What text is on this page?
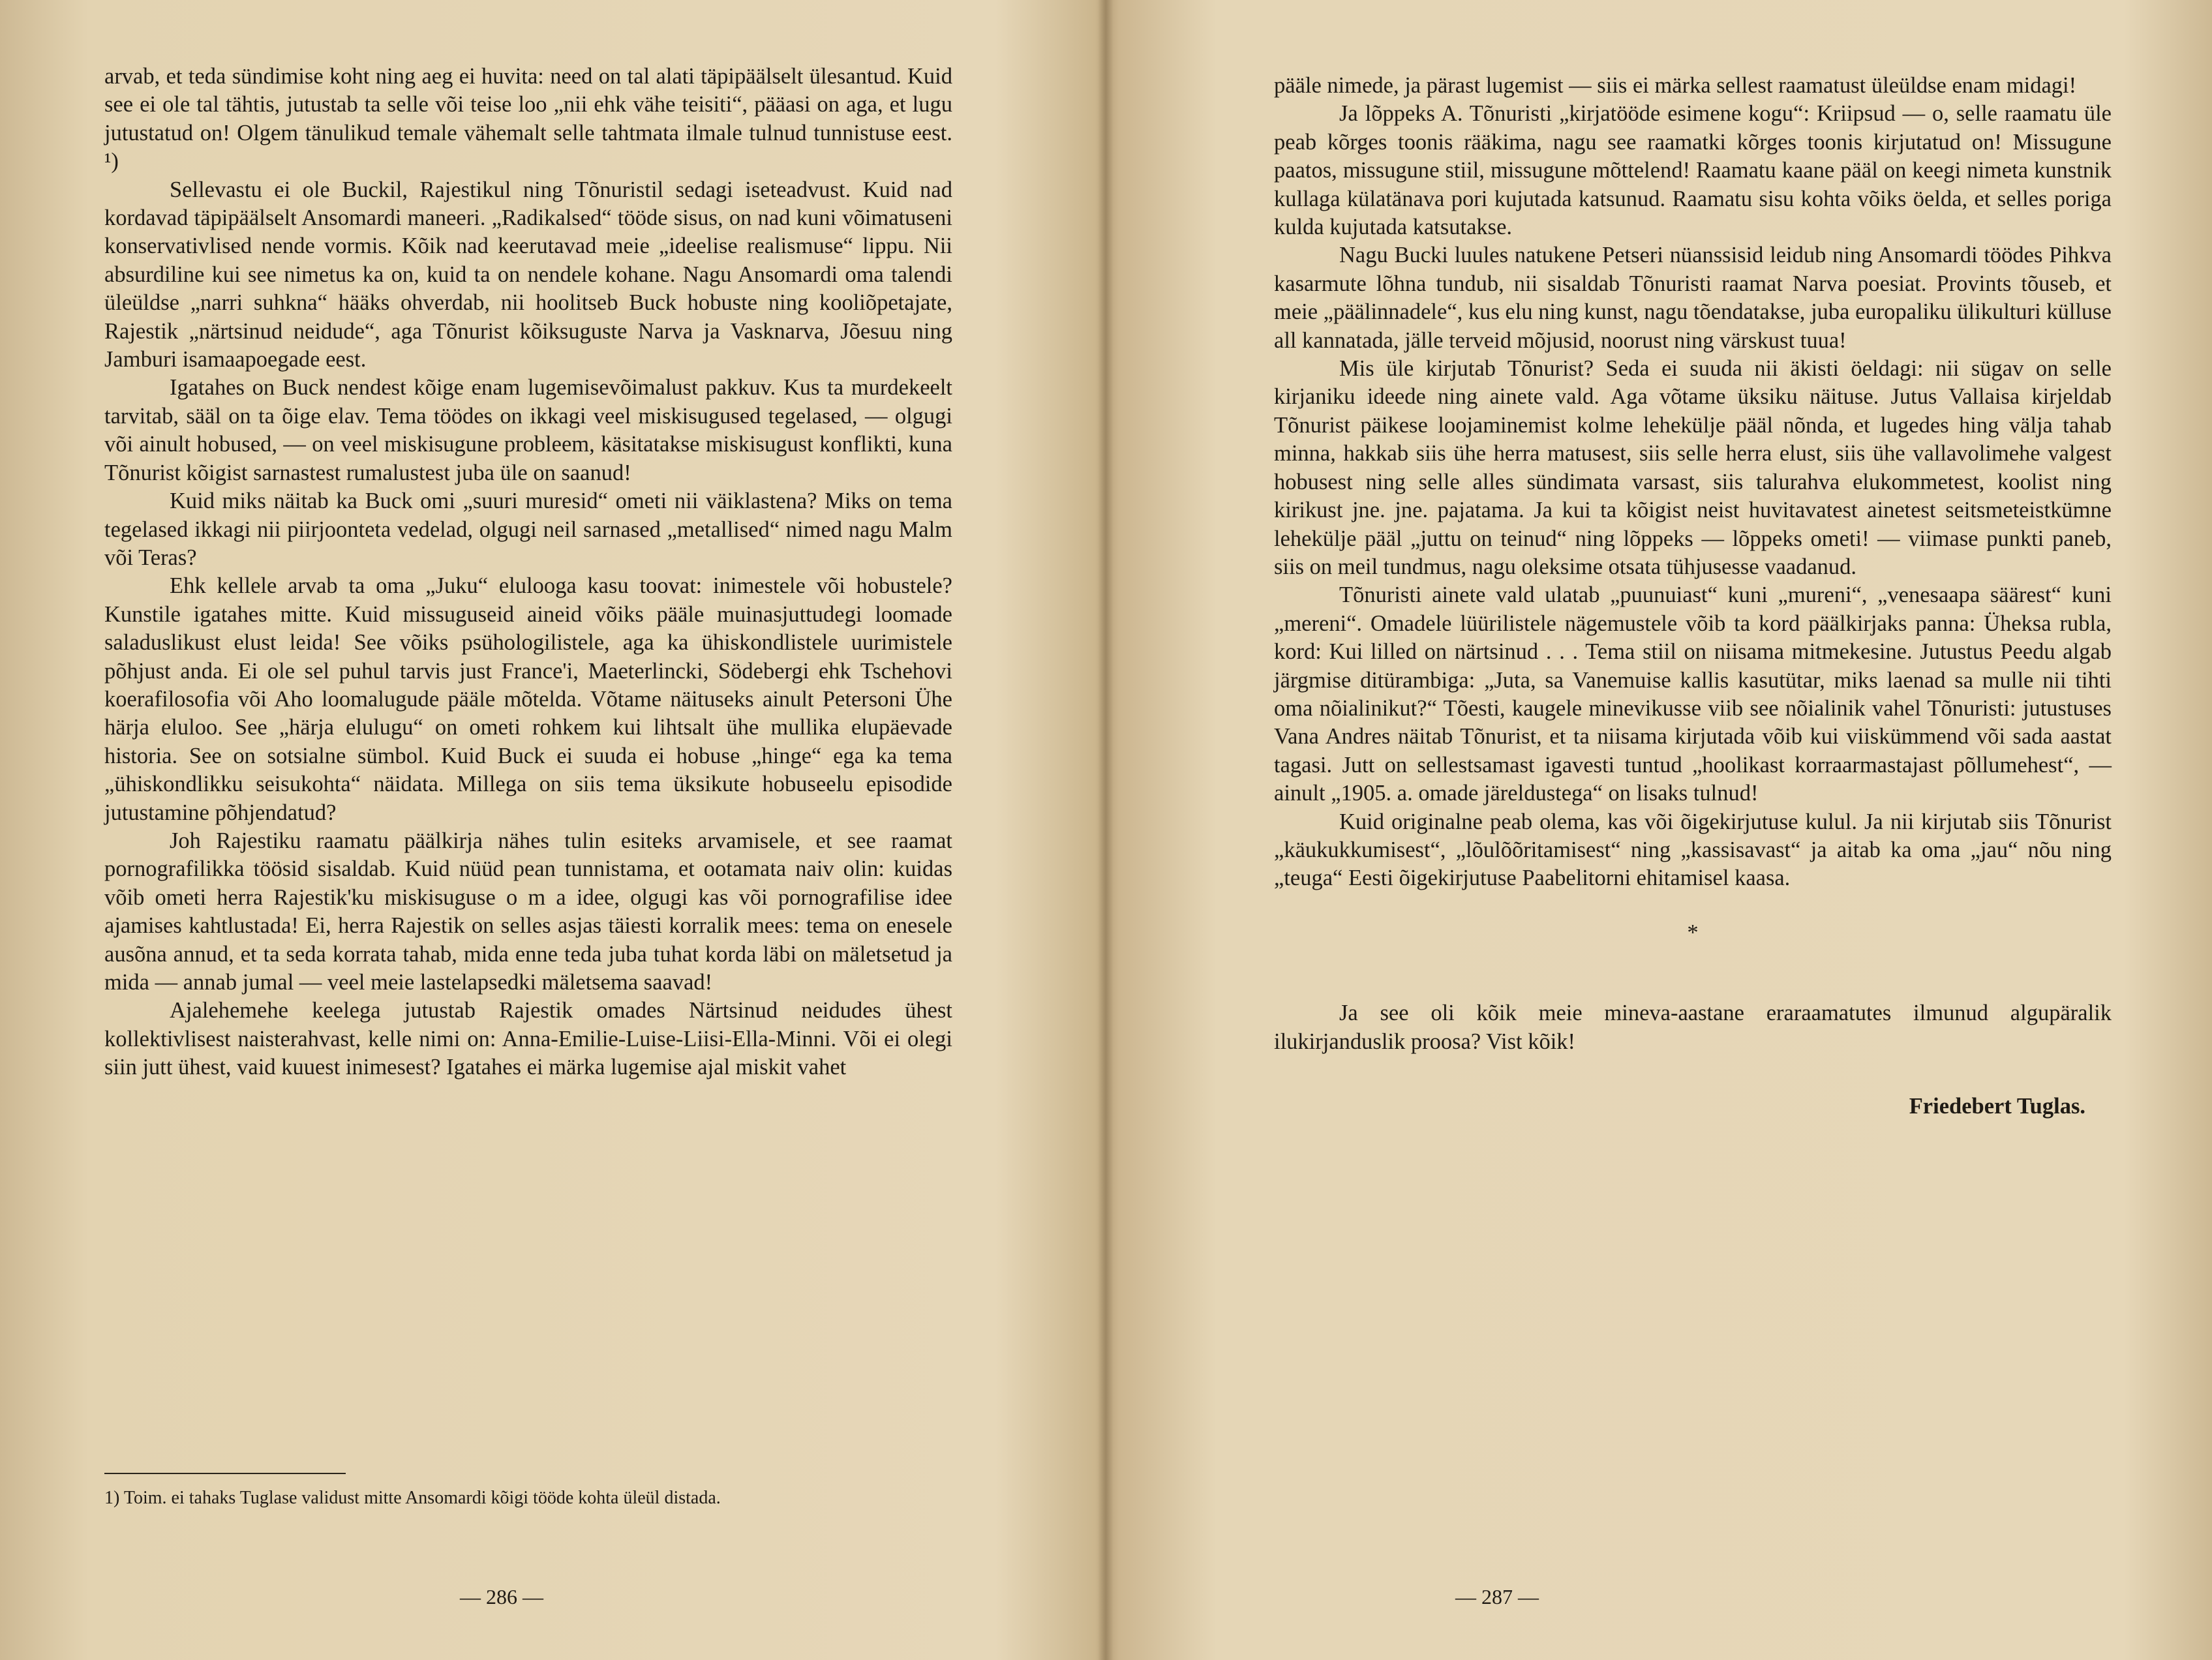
arvab, et teda sündimise koht ning aeg ei huvita: need on tal alati täpipäälselt ülesantud. Kuid see ei ole tal tähtis, jutustab ta selle või teise loo „nii ehk vähe teisiti“, pääasi on aga, et lugu jutustatud on! Olgem tänulikud temale vähemalt selle tahtmata ilmale tulnud tunnistuse eest. ¹)

Sellevastu ei ole Buckil, Rajestikul ning Tõnuristil sedagi iseteadvust. Kuid nad kordavad täpipäälselt Ansomardi maneeri. „Radikalsed“ tööde sisus, on nad kuni võimatuseni konservativlised nende vormis. Kõik nad keerutavad meie „ideelise realismuse“ lippu. Nii absurdiline kui see nimetus ka on, kuid ta on nendele kohane. Nagu Ansomardi oma talendi üleüldse „narri suhkna“ hääks ohverdab, nii hoolitseb Buck hobuste ning kooliõpetajate, Rajestik „närtsinud neidude“, aga Tõnurist kõiksuguste Narva ja Vasknarva, Jõesuu ning Jamburi isamaapoegade eest.

Igatahes on Buck nendest kõige enam lugemisevõimalust pakkuv. Kus ta murdekeelt tarvitab, sääl on ta õige elav. Tema töödes on ikkagi veel miskisugused tegelased, — olgugi või ainult hobused, — on veel miskisugune probleem, käsitatakse miskisugust konflikti, kuna Tõnurist kõigist sarnastest rumalustest juba üle on saanud!

Kuid miks näitab ka Buck omi „suuri muresid“ ometi nii väiklastena? Miks on tema tegelased ikkagi nii piirjoonteta vedelad, olgugi neil sarnased „metallised“ nimed nagu Malm või Teras?

Ehk kellele arvab ta oma „Juku“ elulooga kasu toovat: inimestele või hobustele? Kunstile igatahes mitte. Kuid missuguseid aineid võiks pääle muinasjuttudegi loomade saladuslikust elust leida! See võiks psühologilistele, aga ka ühiskondlistele uurimistele põhjust anda. Ei ole sel puhul tarvis just France'i, Maeterlincki, Södebergi ehk Tschehovi koerafilosofia või Aho loomalugude pääle mõtelda. Võtame näituseks ainult Petersoni Ühe härja eluloo. See „härja elulugu“ on ometi rohkem kui lihtsalt ühe mullika elupäevade historia. See on sotsialne sümbol. Kuid Buck ei suuda ei hobuse „hinge“ ega ka tema „ühiskondlikku seisukohta“ näidata. Millega on siis tema üksikute hobuseelu episodide jutustamine põhjendatud?

Joh Rajestiku raamatu päälkirja nähes tulin esiteks arvamisele, et see raamat pornografilikka töösid sisaldab. Kuid nüüd pean tunnistama, et ootamata naiv olin: kuidas võib ometi herra Rajestik'ku miskisuguse o m a idee, olgugi kas või pornografilise idee ajamises kahtlustada! Ei, herra Rajestik on selles asjas täiesti korralik mees: tema on enesele ausõna annud, et ta seda korrata tahab, mida enne teda juba tuhat korda läbi on mäletsetud ja mida — annab jumal — veel meie lastelapsedki mäletsema saavad!

Ajalehemehe keelega jutustab Rajestik omades Närtsinud neidudes ühest kollektivlisest naisterahvast, kelle nimi on: Anna-Emilie-Luise-Liisi-Ella-Minni. Või ei olegi siin jutt ühest, vaid kuuest inimesest? Igatahes ei märka lugemise ajal miskit vahet

1) Toim. ei tahaks Tuglase validust mitte Ansomardi kõigi tööde kohta üleül distada.
— 286 —

pääle nimede, ja pärast lugemist — siis ei märka sellest raamatust üleüldse enam midagi!

Ja lõppeks A. Tõnuristi „kirjatööde esimene kogu“: Kriipsud — o, selle raamatu üle peab kõrges toonis rääkima, nagu see raamatki kõrges toonis kirjutatud on! Missugune paatos, missugune stiil, missugune mõttelend! Raamatu kaane pääl on keegi nimeta kunstnik kullaga külatänava pori kujutada katsunud. Raamatu sisu kohta võiks öelda, et selles poriga kulda kujutada katsutakse.

Nagu Bucki luules natukene Petseri nüanssisid leidub ning Ansomardi töödes Pihkva kasarmute lõhna tundub, nii sisaldab Tõnuristi raamat Narva poesiat. Provints tõuseb, et meie „päälinnadele“, kus elu ning kunst, nagu tõendatakse, juba europaliku ülikulturi külluse all kannatada, jälle terveid mõjusid, noorust ning värskust tuua!

Mis üle kirjutab Tõnurist? Seda ei suuda nii äkisti öeldagi: nii sügav on selle kirjaniku ideede ning ainete vald. Aga võtame üksiku näituse. Jutus Vallaisa kirjeldab Tõnurist päikese loojaminemist kolme leheküljе pääl nõnda, et lugedes hing välja tahab minna, hakkab siis ühe herra matusest, siis selle herra elust, siis ühe vallavolimehe valgest hobusest ning selle alles sündimata varsast, siis talurahva elukommetest, koolist ning kirikust jne. jne. pajatama. Ja kui ta kõigist neist huvitavatest ainetest seitsmeteistkümne leheküljе pääl „juttu on teinud“ ning lõppeks — lõppeks ometi! — viimase punkti paneb, siis on meil tundmus, nagu oleksime otsata tühjusesse vaadanud.

Tõnuristi ainete vald ulatab „puunuiast“ kuni „mureni“, „venesaapa säärest“ kuni „mereni“. Omadele lüürilistele nägemustele võib ta kord päälkirjaks panna: Üheksa rubla, kord: Kui lilled on närtsinud . . . Tema stiil on niisama mitmekesine. Jutustus Peedu algab järgmise ditürambiga: „Juta, sa Vanemuise kallis kasutütar, miks laenad sa mulle nii tihti oma nõialinikut?“ Tõesti, kaugele minevikusse viib see nõialinik vahel Tõnuristi: jutustuses Vana Andres näitab Tõnurist, et ta niisama kirjutada võib kui viiskümmend või sada aastat tagasi. Jutt on sellestsamast igavesti tuntud „hoolikast korraarmastajast põllumehest“, — ainult „1905. a. omade järeldustega“ on lisaks tulnud!

Kuid originalne peab olema, kas või õigekirjutuse kulul. Ja nii kirjutab siis Tõnurist „käukukkumisest“, „lõulõõritamisest“ ning „kassisavast“ ja aitab ka oma „jau“ nõu ning „teuga“ Eesti õigekirjutuse Paabelitorni ehitamisel kaasa.

*

Ja see oli kõik meie mineva-aastane eraraamatutes ilmunud algupäralik ilukirjanduslik proosa? Vist kõik!

Friedebert Tuglas.

— 287 —
